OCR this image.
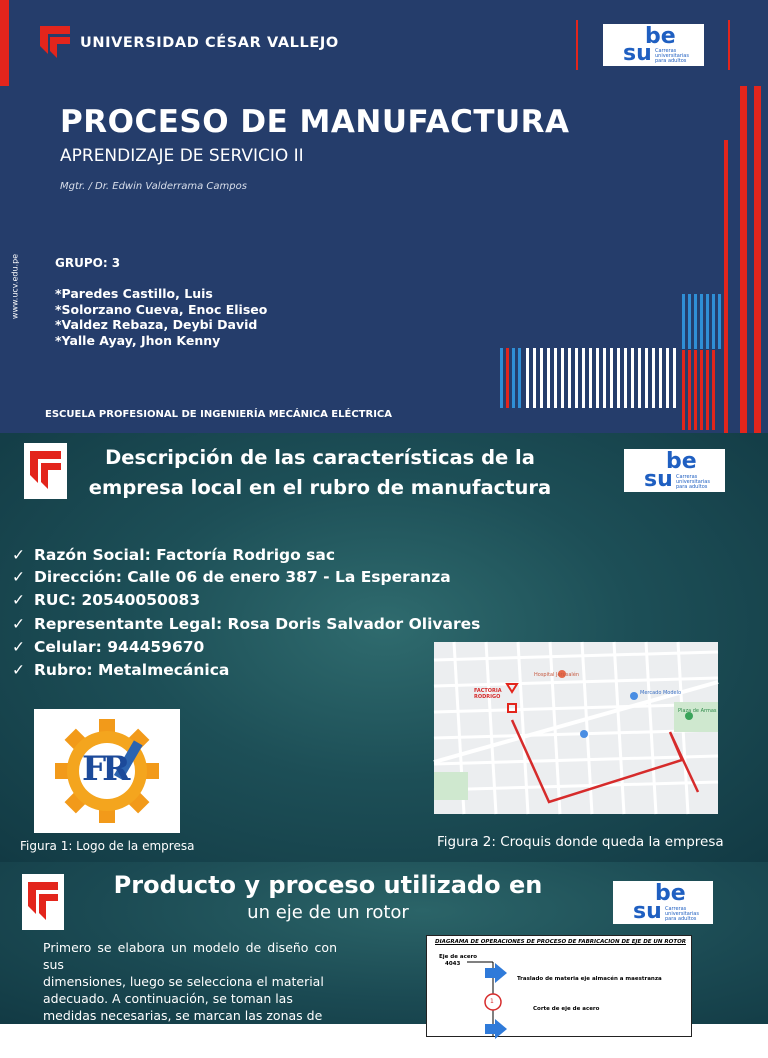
UNIVERSIDAD CÉSAR VALLEJO	be
su Carreras
universitarias
para adultos
PROCESO DE MANUFACTURA
APRENDIZAJE DE SERVICIO II
Mgtr. / Dr. Edwin Valderrama Campos
GRUPO: 3
*Paredes Castillo, Luis
*Solorzano Cueva, Enoc Eliseo
*Valdez Rebaza, Deybi David
*Yalle Ayay, Jhon Kenny
www.ucv.edu.pe
ESCUELA PROFESIONAL DE INGENIERÍA MECÁNICA ELÉCTRICA
Descripción de las características de la
empresa local en el rubro de manufactura
be
su Carreras
universitarias
para adultos
✓ Razón Social: Factoría Rodrigo sac
✓ Dirección: Calle 06 de enero 387 - La Esperanza
✓ RUC: 20540050083
✓ Representante Legal: Rosa Doris Salvador Olivares
✓ Celular: 944459670
✓ Rubro: Metalmecánica
FR
Figura 1: Logo de la empresa
FACTORIA
RODRIGO
Hospital Jerusalén
Mercado Modelo
Plaza de Armas
Figura 2: Croquis donde queda la empresa
Producto y proceso utilizado en
un eje de un rotor
be
su Carreras
universitarias
para adultos
Primero se elabora un modelo de diseño con sus
dimensiones, luego se selecciona el material
adecuado. A continuación, se toman las
medidas necesarias, se marcan las zonas de
corte y se fijan de forma segura en el torno. Se
DIAGRAMA DE OPERACIONES DE PROCESO DE FABRICACION DE EJE DE UN ROTOR
Eje de acero
4043
1
Traslado de materia eje almacén a maestranza
Corte de eje de acero
